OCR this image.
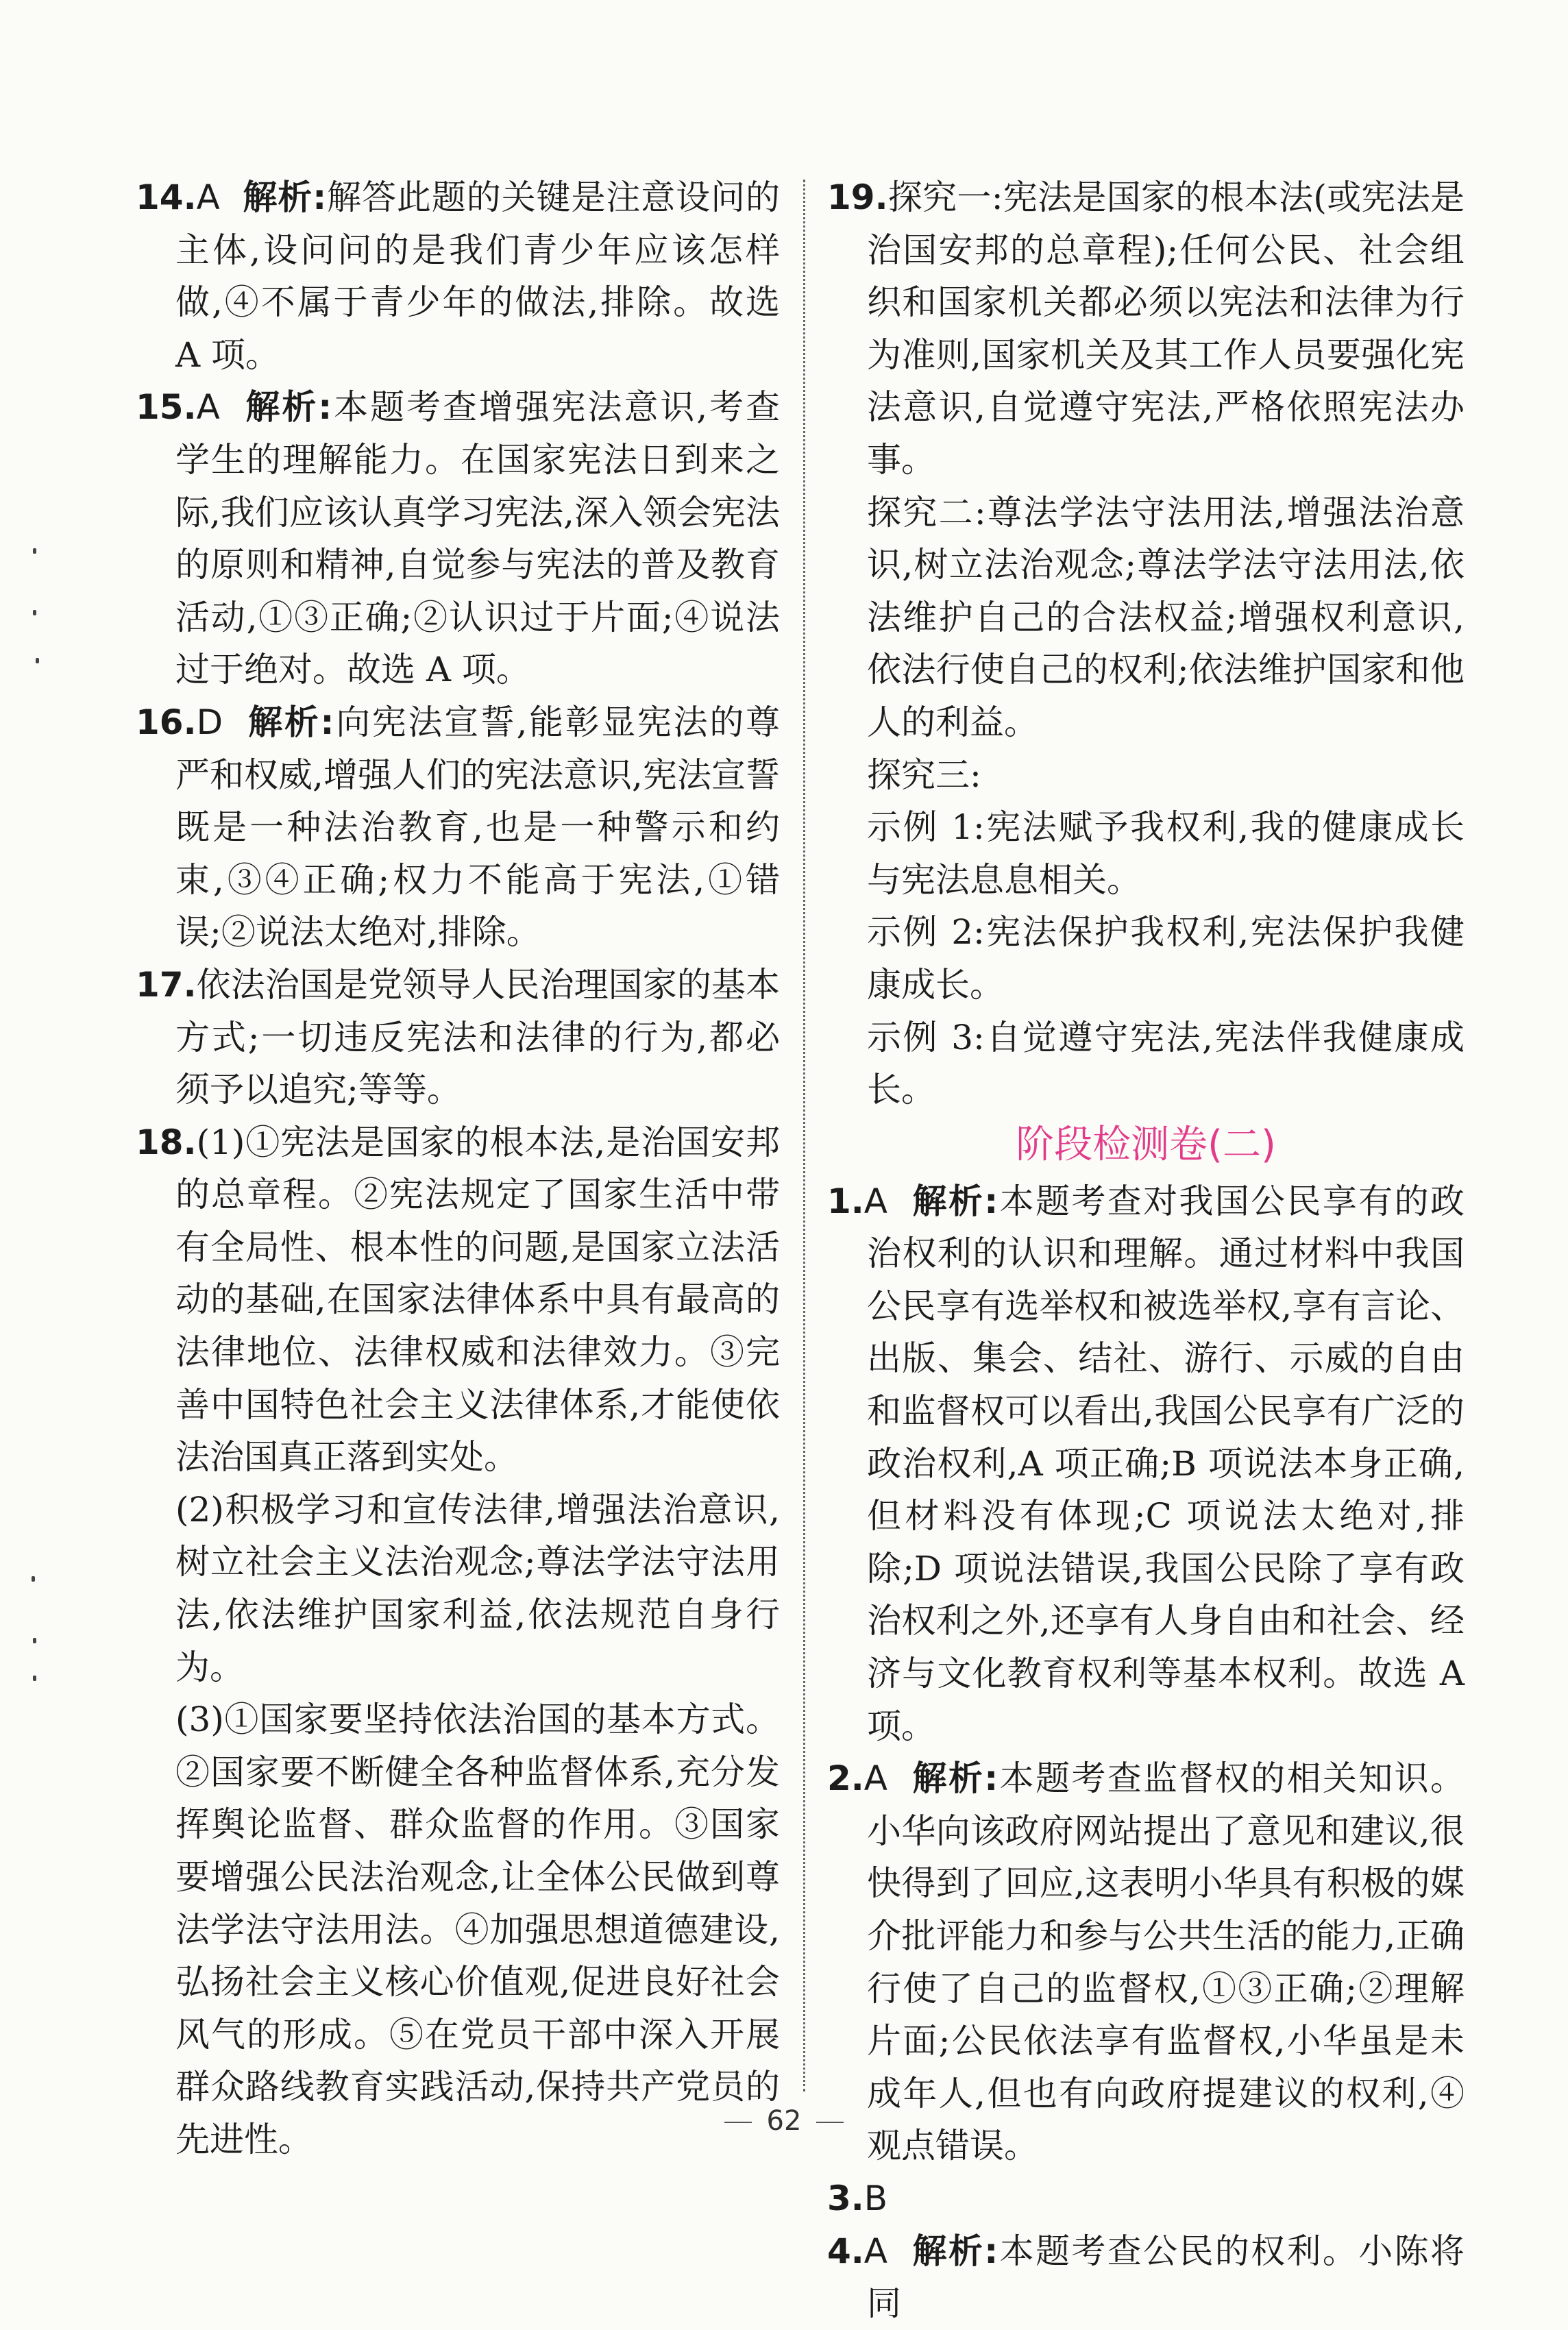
14.A 解析:解答此题的关键是注意设问的主体,设问问的是我们青少年应该怎样做,④不属于青少年的做法,排除。故选 A 项。

15.A 解析:本题考查增强宪法意识,考查学生的理解能力。在国家宪法日到来之际,我们应该认真学习宪法,深入领会宪法的原则和精神,自觉参与宪法的普及教育活动,①③正确;②认识过于片面;④说法过于绝对。故选 A 项。

16.D 解析:向宪法宣誓,能彰显宪法的尊严和权威,增强人们的宪法意识,宪法宣誓既是一种法治教育,也是一种警示和约束,③④正确;权力不能高于宪法,①错误;②说法太绝对,排除。

17.依法治国是党领导人民治理国家的基本方式;一切违反宪法和法律的行为,都必须予以追究;等等。

18.(1)①宪法是国家的根本法,是治国安邦的总章程。②宪法规定了国家生活中带有全局性、根本性的问题,是国家立法活动的基础,在国家法律体系中具有最高的法律地位、法律权威和法律效力。③完善中国特色社会主义法律体系,才能使依法治国真正落到实处。

(2)积极学习和宣传法律,增强法治意识,树立社会主义法治观念;尊法学法守法用法,依法维护国家利益,依法规范自身行为。

(3)①国家要坚持依法治国的基本方式。②国家要不断健全各种监督体系,充分发挥舆论监督、群众监督的作用。③国家要增强公民法治观念,让全体公民做到尊法学法守法用法。④加强思想道德建设,弘扬社会主义核心价值观,促进良好社会风气的形成。⑤在党员干部中深入开展群众路线教育实践活动,保持共产党员的先进性。

19.探究一:宪法是国家的根本法(或宪法是治国安邦的总章程);任何公民、社会组织和国家机关都必须以宪法和法律为行为准则,国家机关及其工作人员要强化宪法意识,自觉遵守宪法,严格依照宪法办事。

探究二:尊法学法守法用法,增强法治意识,树立法治观念;尊法学法守法用法,依法维护自己的合法权益;增强权利意识,依法行使自己的权利;依法维护国家和他人的利益。

探究三:

示例 1:宪法赋予我权利,我的健康成长与宪法息息相关。

示例 2:宪法保护我权利,宪法保护我健康成长。

示例 3:自觉遵守宪法,宪法伴我健康成长。

阶段检测卷(二)

1.A 解析:本题考查对我国公民享有的政治权利的认识和理解。通过材料中我国公民享有选举权和被选举权,享有言论、出版、集会、结社、游行、示威的自由和监督权可以看出,我国公民享有广泛的政治权利,A 项正确;B 项说法本身正确,但材料没有体现;C 项说法太绝对,排除;D 项说法错误,我国公民除了享有政治权利之外,还享有人身自由和社会、经济与文化教育权利等基本权利。故选 A 项。

2.A 解析:本题考查监督权的相关知识。小华向该政府网站提出了意见和建议,很快得到了回应,这表明小华具有积极的媒介批评能力和参与公共生活的能力,正确行使了自己的监督权,①③正确;②理解片面;公民依法享有监督权,小华虽是未成年人,但也有向政府提建议的权利,④观点错误。

3.B

4.A 解析:本题考查公民的权利。小陈将同

62
